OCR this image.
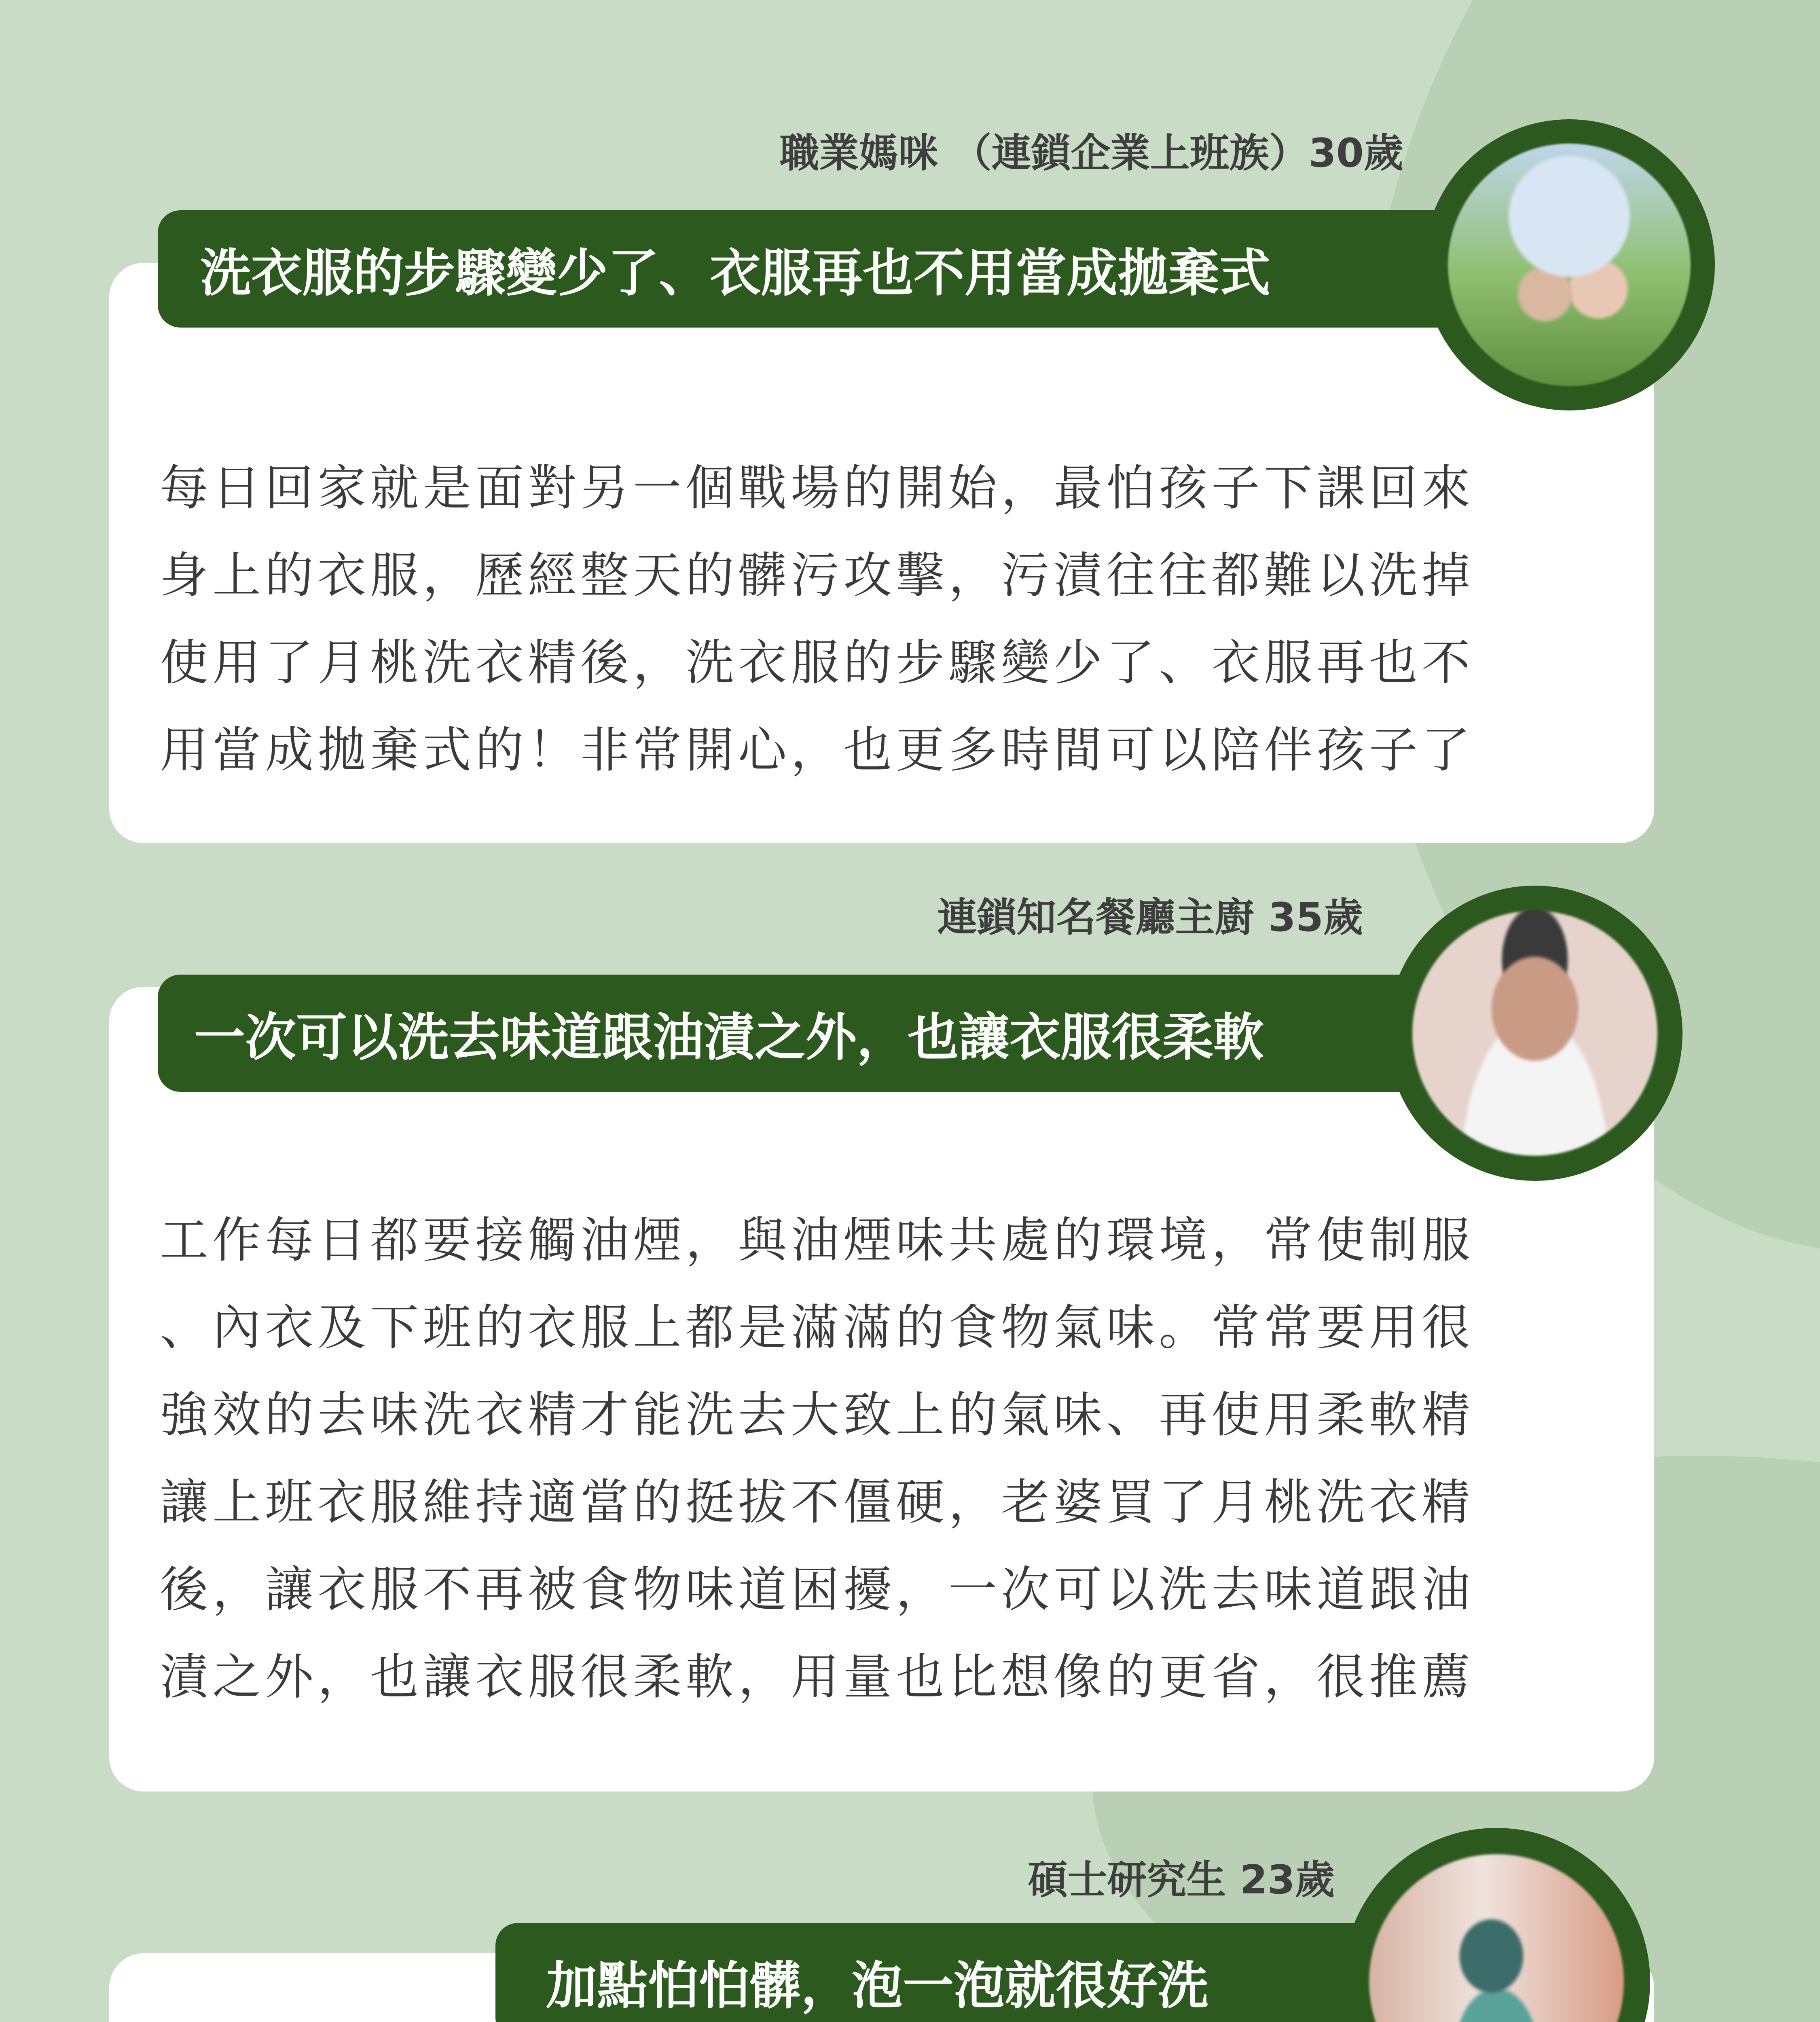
職業媽咪 （連鎖企業上班族）30歲
每日回家就是面對另一個戰場的開始，最怕孩子下課回來
身上的衣服，歷經整天的髒污攻擊，污漬往往都難以洗掉
使用了月桃洗衣精後，洗衣服的步驟變少了、衣服再也不
用當成拋棄式的！非常開心，也更多時間可以陪伴孩子了
洗衣服的步驟變少了、衣服再也不用當成拋棄式
連鎖知名餐廳主廚 35歲
工作每日都要接觸油煙，與油煙味共處的環境，常使制服
、內衣及下班的衣服上都是滿滿的食物氣味。常常要用很
強效的去味洗衣精才能洗去大致上的氣味、再使用柔軟精
讓上班衣服維持適當的挺拔不僵硬，老婆買了月桃洗衣精
後，讓衣服不再被食物味道困擾，一次可以洗去味道跟油
漬之外，也讓衣服很柔軟，用量也比想像的更省，很推薦
一次可以洗去味道跟油漬之外，也讓衣服很柔軟
碩士研究生 23歲
加點怕怕髒，泡一泡就很好洗
